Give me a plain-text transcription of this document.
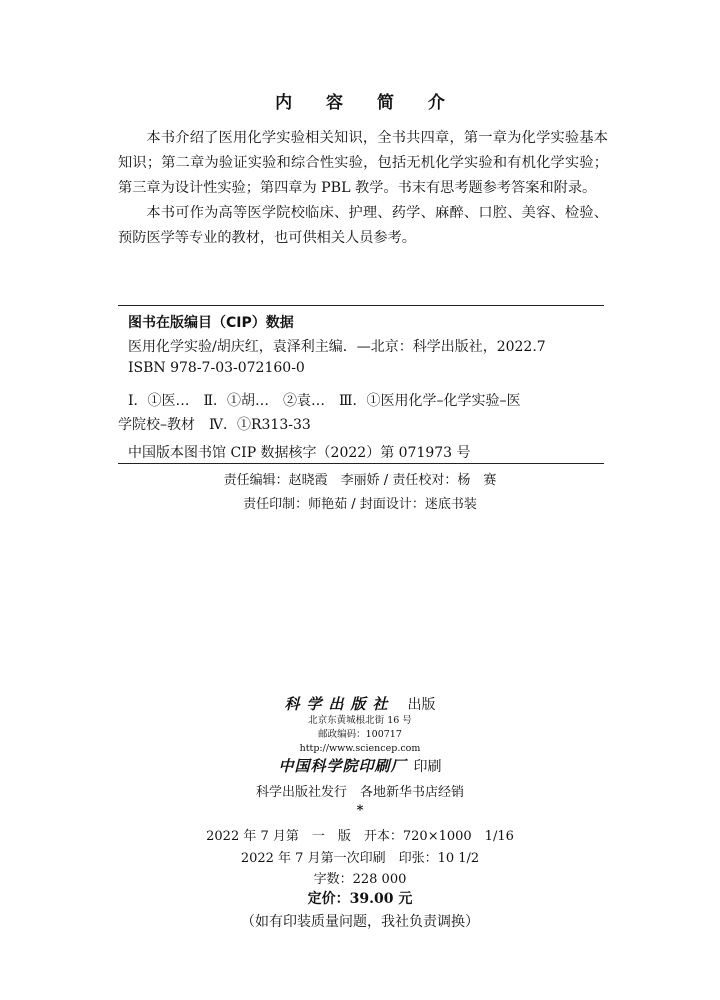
内 容 简 介

本书介绍了医用化学实验相关知识，全书共四章，第一章为化学实验基本知识；第二章为验证实验和综合性实验，包括无机化学实验和有机化学实验；第三章为设计性实验；第四章为 PBL 教学。书末有思考题参考答案和附录。

本书可作为高等医学院校临床、护理、药学、麻醉、口腔、美容、检验、预防医学等专业的教材，也可供相关人员参考。

图书在版编目（CIP）数据
医用化学实验/胡庆红，袁泽利主编．—北京：科学出版社，2022.7
ISBN 978-7-03-072160-0
Ⅰ．①医…　Ⅱ．①胡…　②袁…　Ⅲ．①医用化学–化学实验–医
学院校–教材　Ⅳ．①R313-33
中国版本图书馆 CIP 数据核字（2022）第 071973 号
责任编辑：赵晓霞　李丽娇 / 责任校对：杨　赛
责任印制：师艳茹 / 封面设计：迷底书装
科学出版社 出版
北京东黄城根北街 16 号
邮政编码：100717
http://www.sciencep.com
中国科学院印刷厂 印刷
科学出版社发行　各地新华书店经销
*
2022 年 7 月第　一　版　开本：720×1000　1/16
2022 年 7 月第一次印刷　印张：10 1/2
字数：228 000
定价：39.00 元
（如有印装质量问题，我社负责调换）
